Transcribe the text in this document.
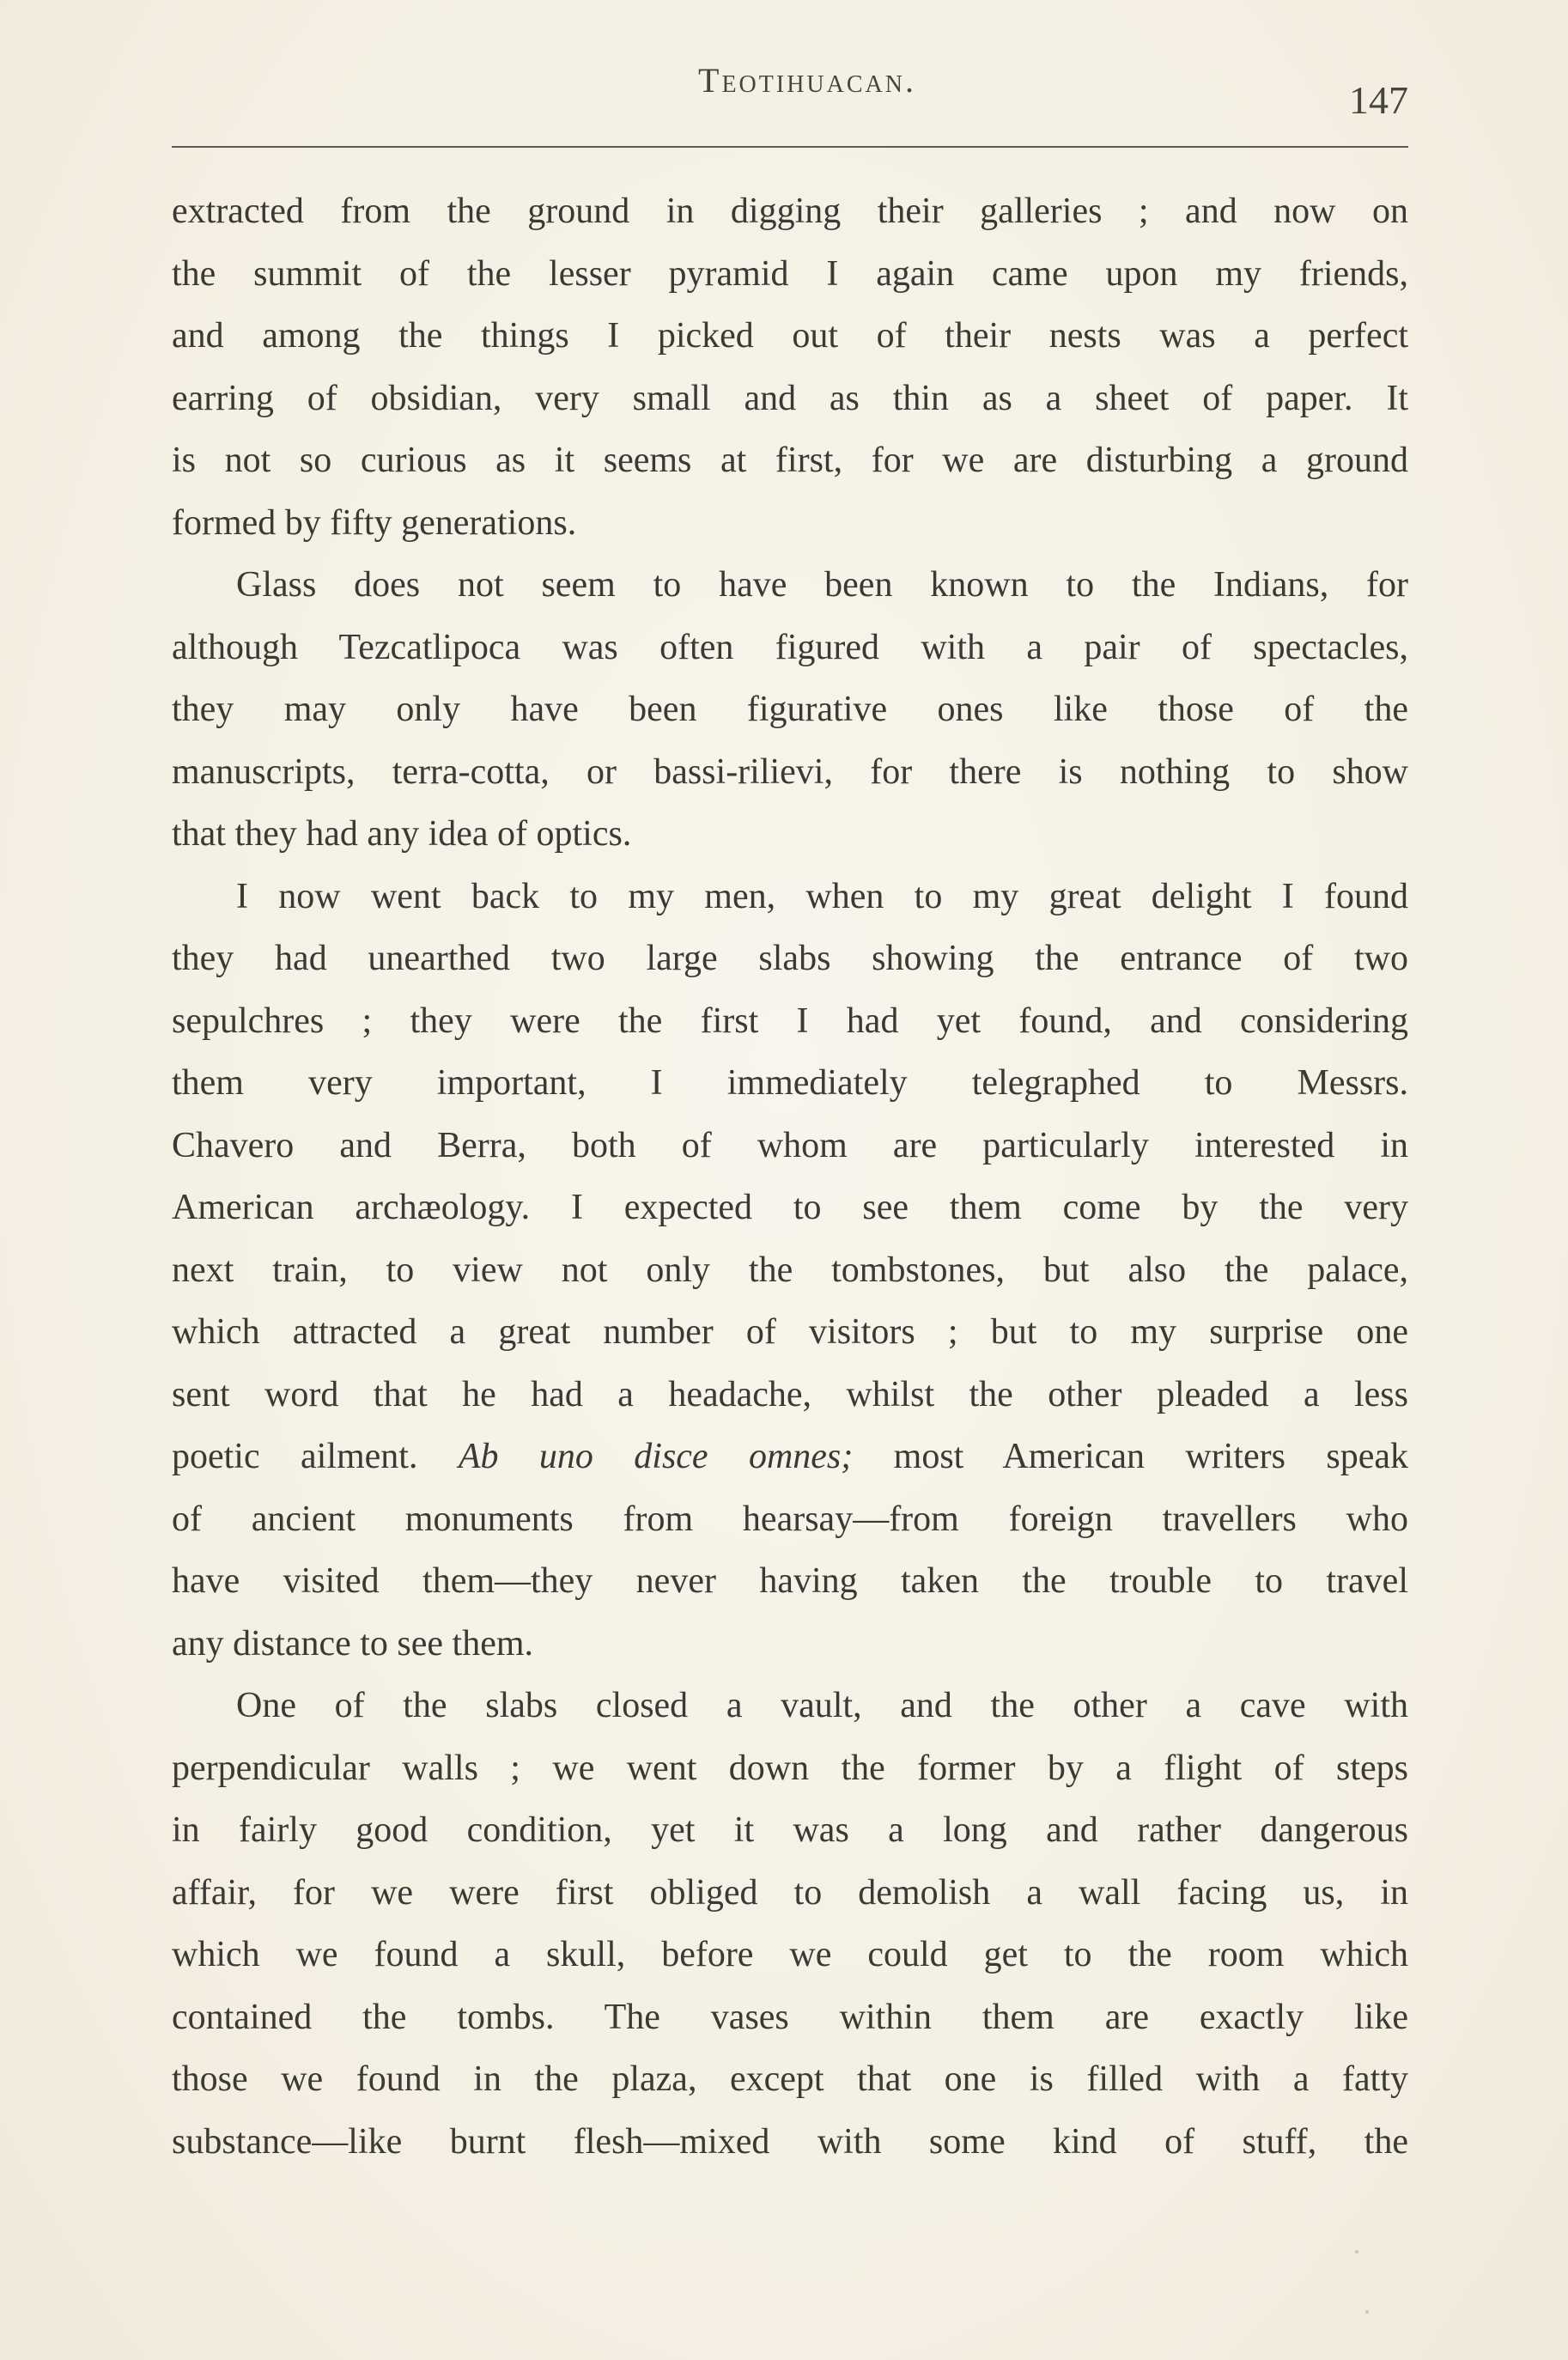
Teotihuacan.	147
extracted from the ground in digging their galleries ; and now on
the summit of the lesser pyramid I again came upon my friends,
and among the things I picked out of their nests was a perfect
earring of obsidian, very small and as thin as a sheet of paper. It
is not so curious as it seems at first, for we are disturbing a ground
formed by fifty generations.
Glass does not seem to have been known to the Indians, for
although Tezcatlipoca was often figured with a pair of spectacles,
they may only have been figurative ones like those of the
manuscripts, terra-cotta, or bassi-rilievi, for there is nothing to show
that they had any idea of optics.
I now went back to my men, when to my great delight I found
they had unearthed two large slabs showing the entrance of two
sepulchres ; they were the first I had yet found, and considering
them very important, I immediately telegraphed to Messrs.
Chavero and Berra, both of whom are particularly interested in
American archæology. I expected to see them come by the very
next train, to view not only the tombstones, but also the palace,
which attracted a great number of visitors ; but to my surprise one
sent word that he had a headache, whilst the other pleaded a less
poetic ailment. Ab uno disce omnes; most American writers speak
of ancient monuments from hearsay—from foreign travellers who
have visited them—they never having taken the trouble to travel
any distance to see them.
One of the slabs closed a vault, and the other a cave with
perpendicular walls ; we went down the former by a flight of steps
in fairly good condition, yet it was a long and rather dangerous
affair, for we were first obliged to demolish a wall facing us, in
which we found a skull, before we could get to the room which
contained the tombs. The vases within them are exactly like
those we found in the plaza, except that one is filled with a fatty
substance—like burnt flesh—mixed with some kind of stuff, the
